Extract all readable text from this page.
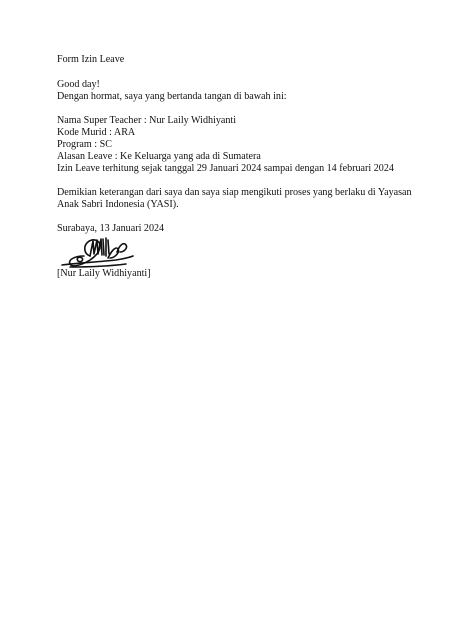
Form Izin Leave
Good day!
Dengan hormat, saya yang bertanda tangan di bawah ini:
Nama Super Teacher : Nur Laily Widhiyanti
Kode Murid : ARA
Program : SC
Alasan Leave : Ke Keluarga yang ada di Sumatera
Izin Leave terhitung sejak tanggal 29 Januari 2024 sampai dengan 14 februari 2024
Demikian keterangan dari saya dan saya siap mengikuti proses yang berlaku di Yayasan
Anak Sabri Indonesia (YASI).
Surabaya, 13 Januari 2024
[Nur Laily Widhiyanti]
